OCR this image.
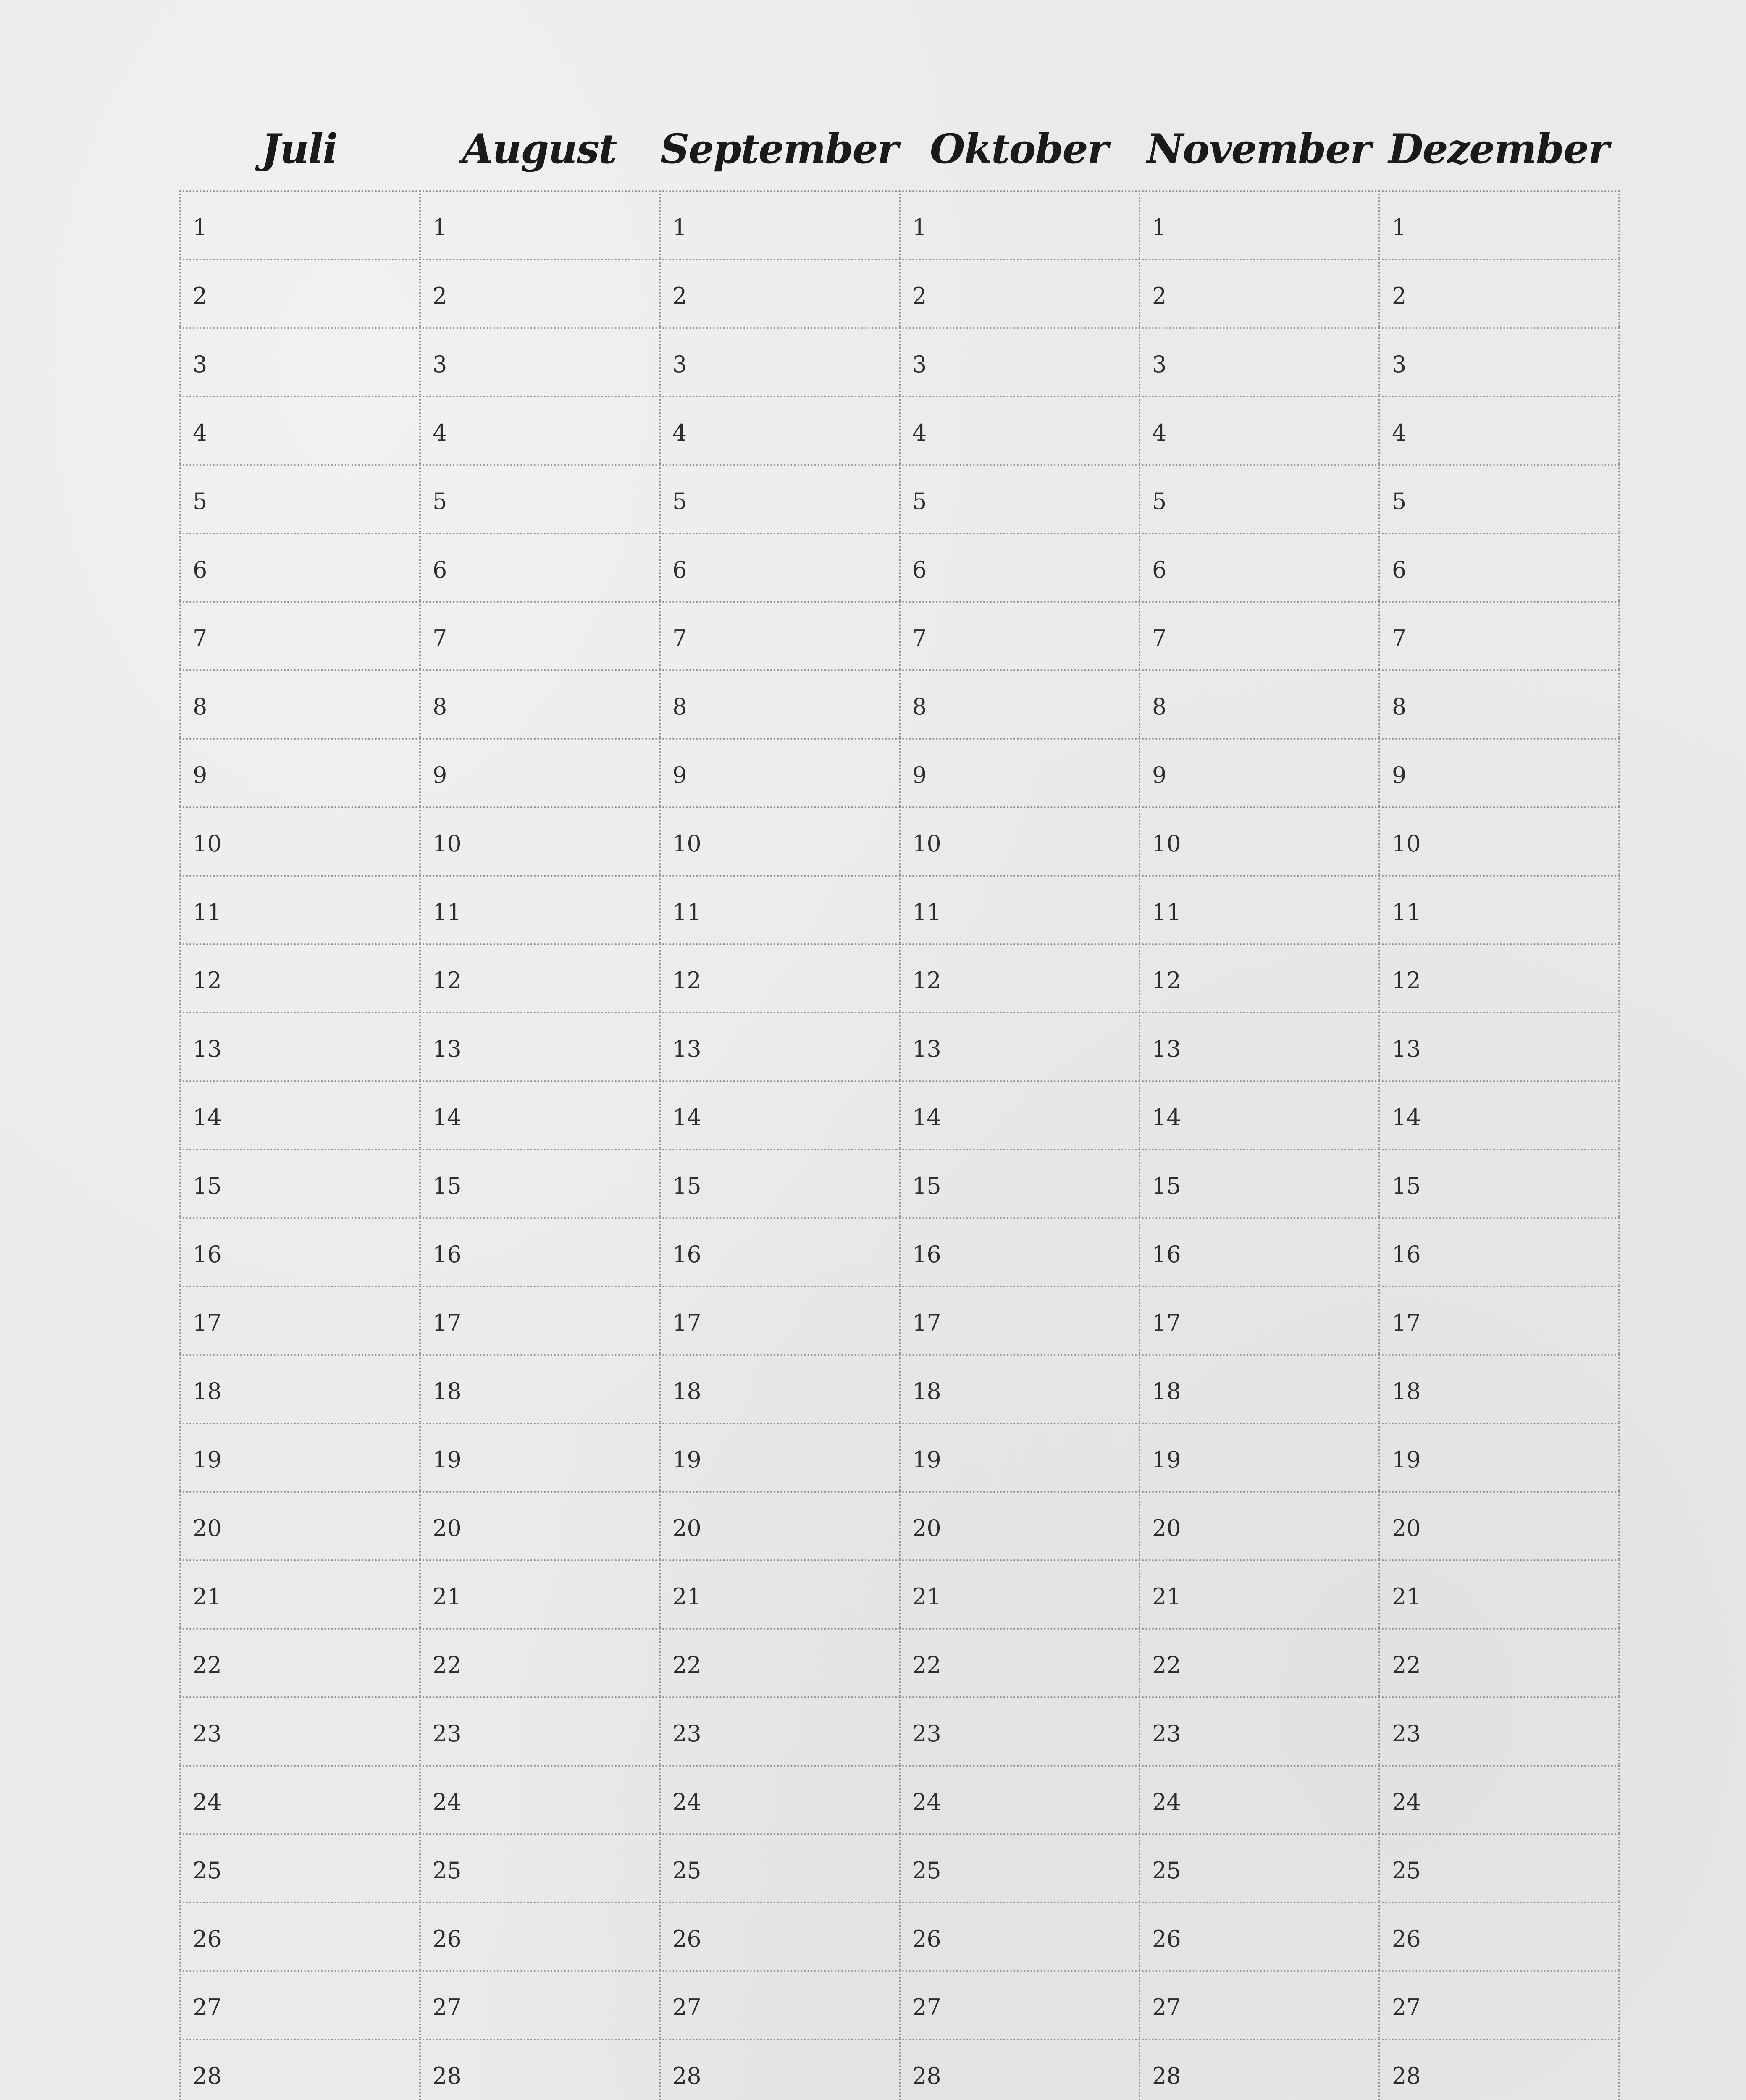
Juli	August	September Oktober November Dezember
1
2
3
4
5
6
7
8
9
10
11
12
13
14
15
16
17
18
19
20
21
22
23
24
25
26
27
28
1
2
3
4
5
6
7
8
9
10
11
12
13
14
15
16
17
18
19
20
21
22
23
24
25
26
27
28
1
2
3
4
5
6
7
8
9
10
11
12
13
14
15
16
17
18
19
20
21
22
23
24
25
26
27
28
1
2
3
4
5
6
7
8
9
10
11
12
13
14
15
16
17
18
19
20
21
22
23
24
25
26
27
28
1
2
3
4
5
6
7
8
9
10
11
12
13
14
15
16
17
18
19
20
21
22
23
24
25
26
27
28
1
2
3
4
5
6
7
8
9
10
11
12
13
14
15
16
17
18
19
20
21
22
23
24
25
26
27
28
